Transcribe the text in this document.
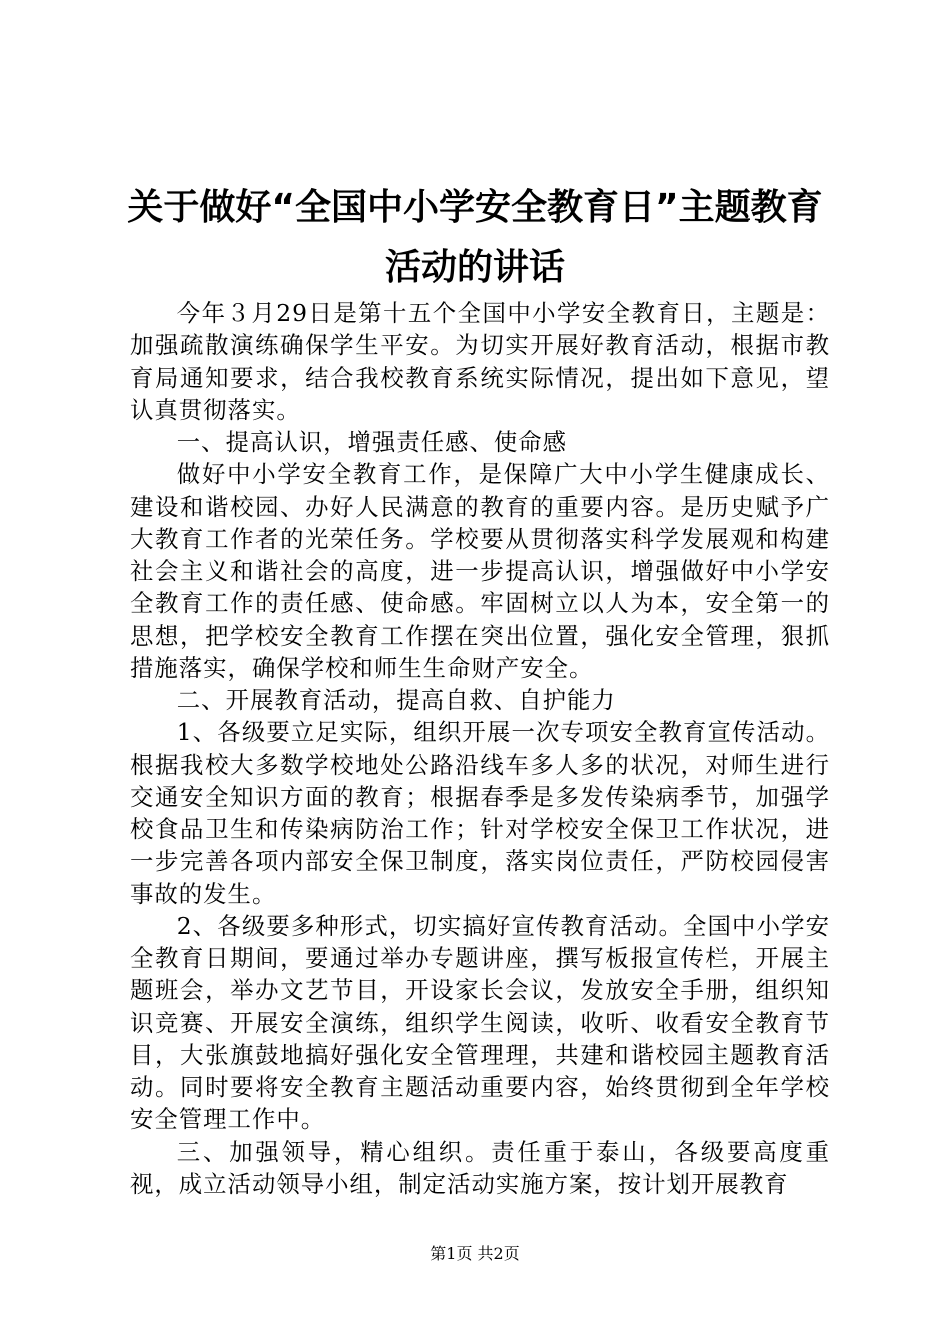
关于做好“全国中小学安全教育日”主题教育
活动的讲话

今年３月29日是第十五个全国中小学安全教育日，主题是：加强疏散演练确保学生平安。为切实开展好教育活动，根据市教育局通知要求，结合我校教育系统实际情况，提出如下意见，望认真贯彻落实。

一、提高认识，增强责任感、使命感

做好中小学安全教育工作，是保障广大中小学生健康成长、建设和谐校园、办好人民满意的教育的重要内容。是历史赋予广大教育工作者的光荣任务。学校要从贯彻落实科学发展观和构建社会主义和谐社会的高度，进一步提高认识，增强做好中小学安全教育工作的责任感、使命感。牢固树立以人为本，安全第一的思想，把学校安全教育工作摆在突出位置，强化安全管理，狠抓措施落实，确保学校和师生生命财产安全。

二、开展教育活动，提高自救、自护能力

1、各级要立足实际，组织开展一次专项安全教育宣传活动。根据我校大多数学校地处公路沿线车多人多的状况，对师生进行交通安全知识方面的教育；根据春季是多发传染病季节，加强学校食品卫生和传染病防治工作；针对学校安全保卫工作状况，进一步完善各项内部安全保卫制度，落实岗位责任，严防校园侵害事故的发生。

2、各级要多种形式，切实搞好宣传教育活动。全国中小学安全教育日期间，要通过举办专题讲座，撰写板报宣传栏，开展主题班会，举办文艺节目，开设家长会议，发放安全手册，组织知识竞赛、开展安全演练，组织学生阅读，收听、收看安全教育节目，大张旗鼓地搞好强化安全管理理，共建和谐校园主题教育活动。同时要将安全教育主题活动重要内容，始终贯彻到全年学校安全管理工作中。

三、加强领导，精心组织。责任重于泰山，各级要高度重视，成立活动领导小组，制定活动实施方案，按计划开展教育

第1页 共2页
